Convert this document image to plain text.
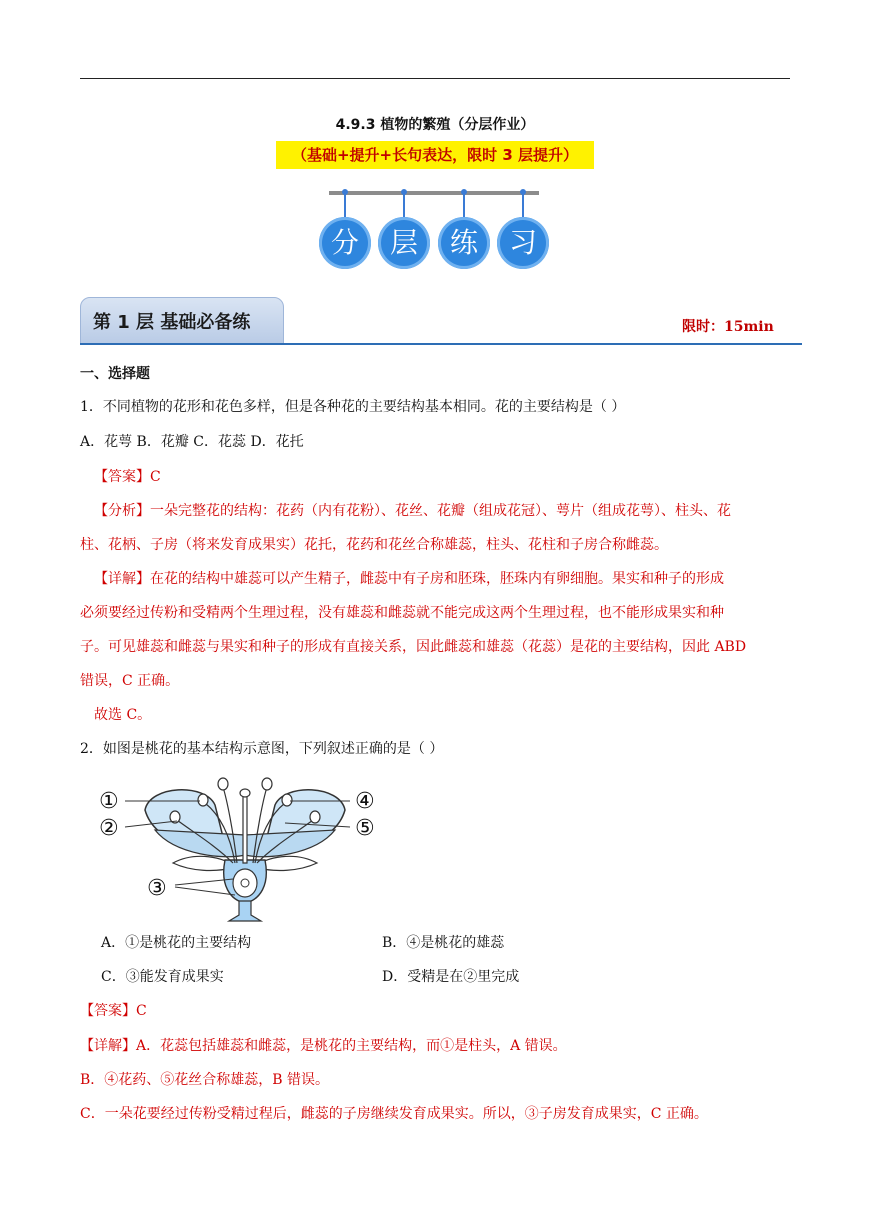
4.9.3 植物的繁殖（分层作业）
（基础+提升+长句表达，限时 3 层提升）
分	层	练	习
第 1 层 基础必备练	限时：15min
一、选择题
1．不同植物的花形和花色多样，但是各种花的主要结构基本相同。花的主要结构是（ ）
A．花萼 B．花瓣 C．花蕊 D．花托
【答案】C
【分析】一朵完整花的结构：花药（内有花粉）、花丝、花瓣（组成花冠）、萼片（组成花萼）、柱头、花
柱、花柄、子房（将来发育成果实）花托，花药和花丝合称雄蕊，柱头、花柱和子房合称雌蕊。
【详解】在花的结构中雄蕊可以产生精子，雌蕊中有子房和胚珠，胚珠内有卵细胞。果实和种子的形成
必须要经过传粉和受精两个生理过程，没有雄蕊和雌蕊就不能完成这两个生理过程，也不能形成果实和种
子。可见雄蕊和雌蕊与果实和种子的形成有直接关系，因此雌蕊和雄蕊（花蕊）是花的主要结构，因此 ABD
错误，C 正确。
故选 C。
2．如图是桃花的基本结构示意图，下列叙述正确的是（ ）
①
②
③
④
⑤
A．①是桃花的主要结构	B．④是桃花的雄蕊
C．③能发育成果实	D．受精是在②里完成
【答案】C
【详解】A．花蕊包括雄蕊和雌蕊，是桃花的主要结构，而①是柱头，A 错误。
B．④花药、⑤花丝合称雄蕊，B 错误。
C．一朵花要经过传粉受精过程后，雌蕊的子房继续发育成果实。所以，③子房发育成果实，C 正确。
